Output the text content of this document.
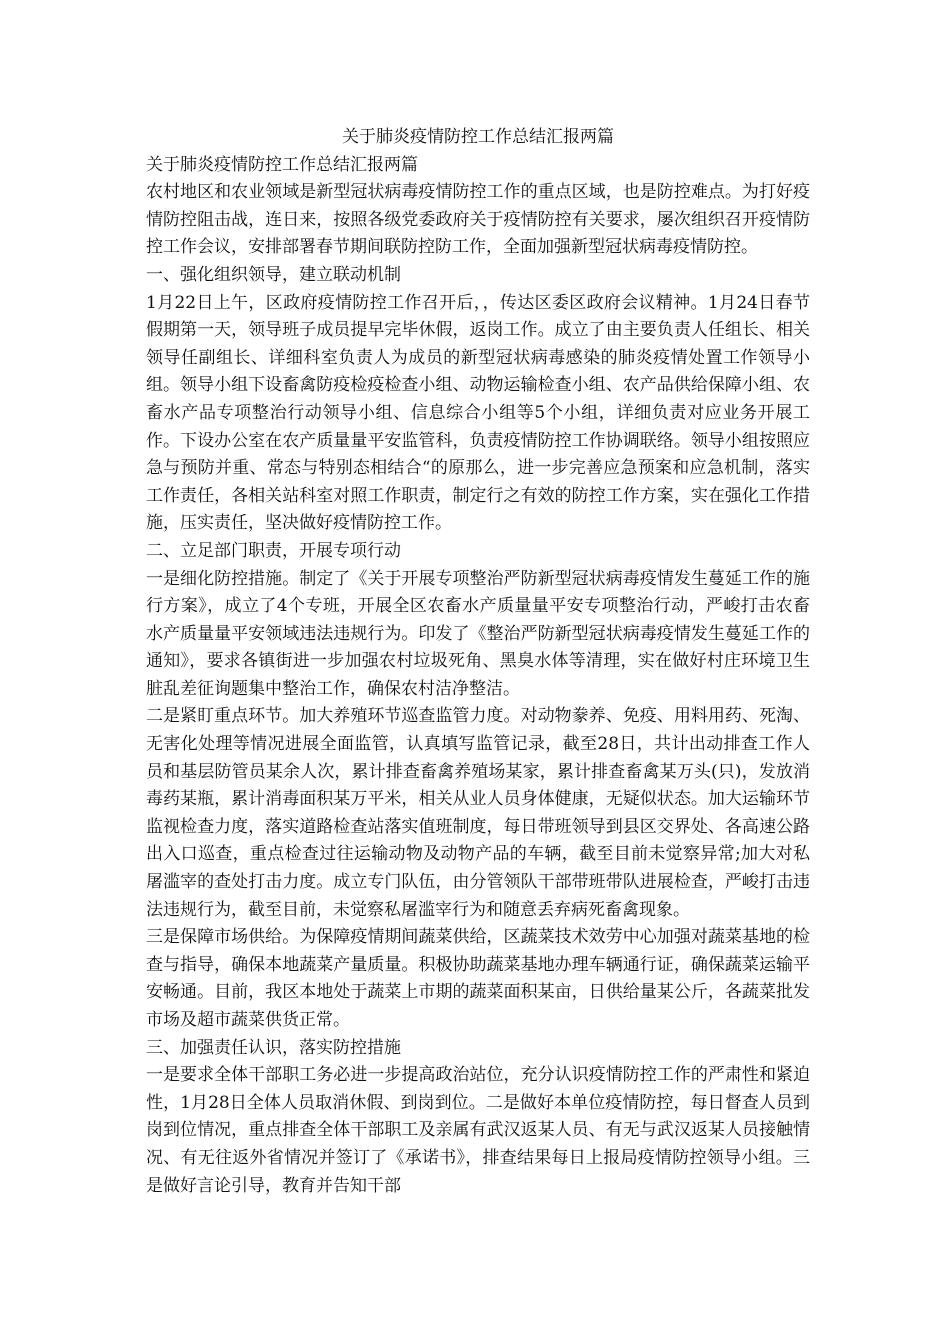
关于肺炎疫情防控工作总结汇报两篇
关于肺炎疫情防控工作总结汇报两篇

农村地区和农业领域是新型冠状病毒疫情防控工作的重点区域，也是防控难点。为打好疫情防控阻击战，连日来，按照各级党委政府关于疫情防控有关要求，屡次组织召开疫情防控工作会议，安排部署春节期间联防控防工作，全面加强新型冠状病毒疫情防控。

一、强化组织领导，建立联动机制

1月22日上午，区政府疫情防控工作召开后，，传达区委区政府会议精神。1月24日春节假期第一天，领导班子成员提早完毕休假，返岗工作。成立了由主要负责人任组长、相关领导任副组长、详细科室负责人为成员的新型冠状病毒感染的肺炎疫情处置工作领导小组。领导小组下设畜禽防疫检疫检查小组、动物运输检查小组、农产品供给保障小组、农畜水产品专项整治行动领导小组、信息综合小组等5个小组，详细负责对应业务开展工作。下设办公室在农产质量量平安监管科，负责疫情防控工作协调联络。领导小组按照应急与预防并重、常态与特别态相结合“的原那么，进一步完善应急预案和应急机制，落实工作责任，各相关站科室对照工作职责，制定行之有效的防控工作方案，实在强化工作措施，压实责任，坚决做好疫情防控工作。

二、立足部门职责，开展专项行动

一是细化防控措施。制定了《关于开展专项整治严防新型冠状病毒疫情发生蔓延工作的施行方案》，成立了4个专班，开展全区农畜水产质量量平安专项整治行动，严峻打击农畜水产质量量平安领域违法违规行为。印发了《整治严防新型冠状病毒疫情发生蔓延工作的通知》，要求各镇街进一步加强农村垃圾死角、黑臭水体等清理，实在做好村庄环境卫生脏乱差征询题集中整治工作，确保农村洁净整洁。

二是紧盯重点环节。加大养殖环节巡查监管力度。对动物豢养、免疫、用料用药、死淘、无害化处理等情况进展全面监管，认真填写监管记录，截至28日，共计出动排查工作人员和基层防管员某余人次，累计排查畜禽养殖场某家，累计排查畜禽某万头(只)，发放消毒药某瓶，累计消毒面积某万平米，相关从业人员身体健康，无疑似状态。加大运输环节监视检查力度，落实道路检查站落实值班制度，每日带班领导到县区交界处、各高速公路出入口巡查，重点检查过往运输动物及动物产品的车辆，截至目前未觉察异常;加大对私屠滥宰的查处打击力度。成立专门队伍，由分管领队干部带班带队进展检查，严峻打击违法违规行为，截至目前，未觉察私屠滥宰行为和随意丢弃病死畜禽现象。

三是保障市场供给。为保障疫情期间蔬菜供给，区蔬菜技术效劳中心加强对蔬菜基地的检查与指导，确保本地蔬菜产量质量。积极协助蔬菜基地办理车辆通行证，确保蔬菜运输平安畅通。目前，我区本地处于蔬菜上市期的蔬菜面积某亩，日供给量某公斤，各蔬菜批发市场及超市蔬菜供货正常。

三、加强责任认识，落实防控措施

一是要求全体干部职工务必进一步提高政治站位，充分认识疫情防控工作的严肃性和紧迫性，1月28日全体人员取消休假、到岗到位。二是做好本单位疫情防控，每日督查人员到岗到位情况，重点排查全体干部职工及亲属有武汉返某人员、有无与武汉返某人员接触情况、有无往返外省情况并签订了《承诺书》，排查结果每日上报局疫情防控领导小组。三是做好言论引导，教育并告知干部
